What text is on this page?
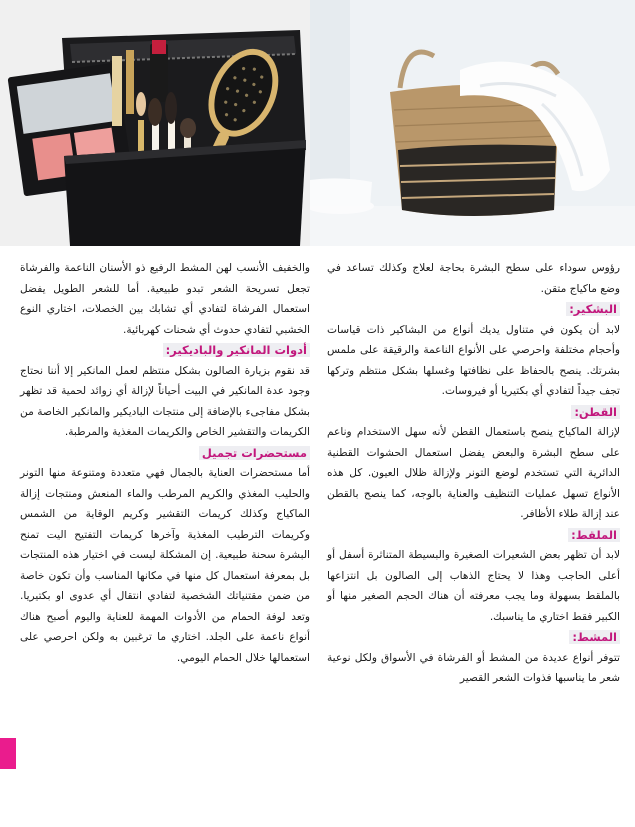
رؤوس سوداء على سطح البشرة بحاجة لعلاج وكذلك تساعد في وضع ماكياج متقن.

البشكير:

لابد أن يكون في متناول يديك أنواع من البشاكير ذات قياسات وأحجام مختلفة واحرصي على الأنواع الناعمة والرقيقة على ملمس بشرتك. ينصح بالحفاظ على نظافتها وغسلها بشكل منتظم وتركها تجف جيداً لتفادي أي بكتيريا أو فيروسات.

القطن:

لإزالة الماكياج ينصح باستعمال القطن لأنه سهل الاستخدام وناعم على سطح البشرة والبعض يفضل استعمال الحشوات القطنية الدائرية التي تستخدم لوضع التونر ولإزالة ظلال العيون. كل هذه الأنواع تسهل عمليات التنظيف والعناية بالوجه، كما ينصح بالقطن عند إزالة طلاء الأظافر.

الملقط:

لابد أن تظهر بعض الشعيرات الصغيرة والبسيطة المتناثرة أسفل أو أعلى الحاجب وهذا لا يحتاج الذهاب إلى الصالون بل انتزاعها بالملقط بسهولة وما يجب معرفته أن هناك الحجم الصغير منها أو الكبير فقط اختاري ما يناسبك.

المشط:

تتوفر أنواع عديدة من المشط أو الفرشاة في الأسواق ولكل نوعية شعر ما يناسبها فذوات الشعر القصير

والخفيف الأنسب لهن المشط الرفيع ذو الأسنان الناعمة والفرشاة تجعل تسريحة الشعر تبدو طبيعية. أما للشعر الطويل يفضل استعمال الفرشاة لتفادي أي تشابك بين الخصلات، اختاري النوع الخشبي لتفادي حدوث أي شحنات كهربائية.

أدوات المانكير والباديكير:

قد نقوم بزيارة الصالون بشكل منتظم لعمل المانكير إلا أننا نحتاج وجود عدة المانكير في البيت أحياناً لإزالة أي زوائد لحمية قد تظهر بشكل مفاجىء بالإضافة إلى منتجات الباديكير والمانكير الخاصة من الكريمات والتقشير الخاص والكريمات المغذية والمرطبة.

مستحضرات تجميل

أما مستحضرات العناية بالجمال فهي متعددة ومتنوعة منها التونر والحليب المغذي والكريم المرطب والماء المنعش ومنتجات إزالة الماكياج وكذلك كريمات التقشير وكريم الوقاية من الشمس وكريمات الترطيب المغذية وآخرها كريمات التفتيح اليت تمنح البشرة سحنة طبيعية. إن المشكلة ليست في اختيار هذه المنتجات بل بمعرفة استعمال كل منها في مكانها المناسب وأن تكون خاصة من ضمن مقتنياتك الشخصية لتفادي انتقال أي عدوى او بكتيريا. وتعد لوفة الحمام من الأدوات المهمة للعناية واليوم أصبح هناك أنواع ناعمة على الجلد. اختاري ما ترغبين به ولكن احرصي على استعمالها خلال الحمام اليومي.
